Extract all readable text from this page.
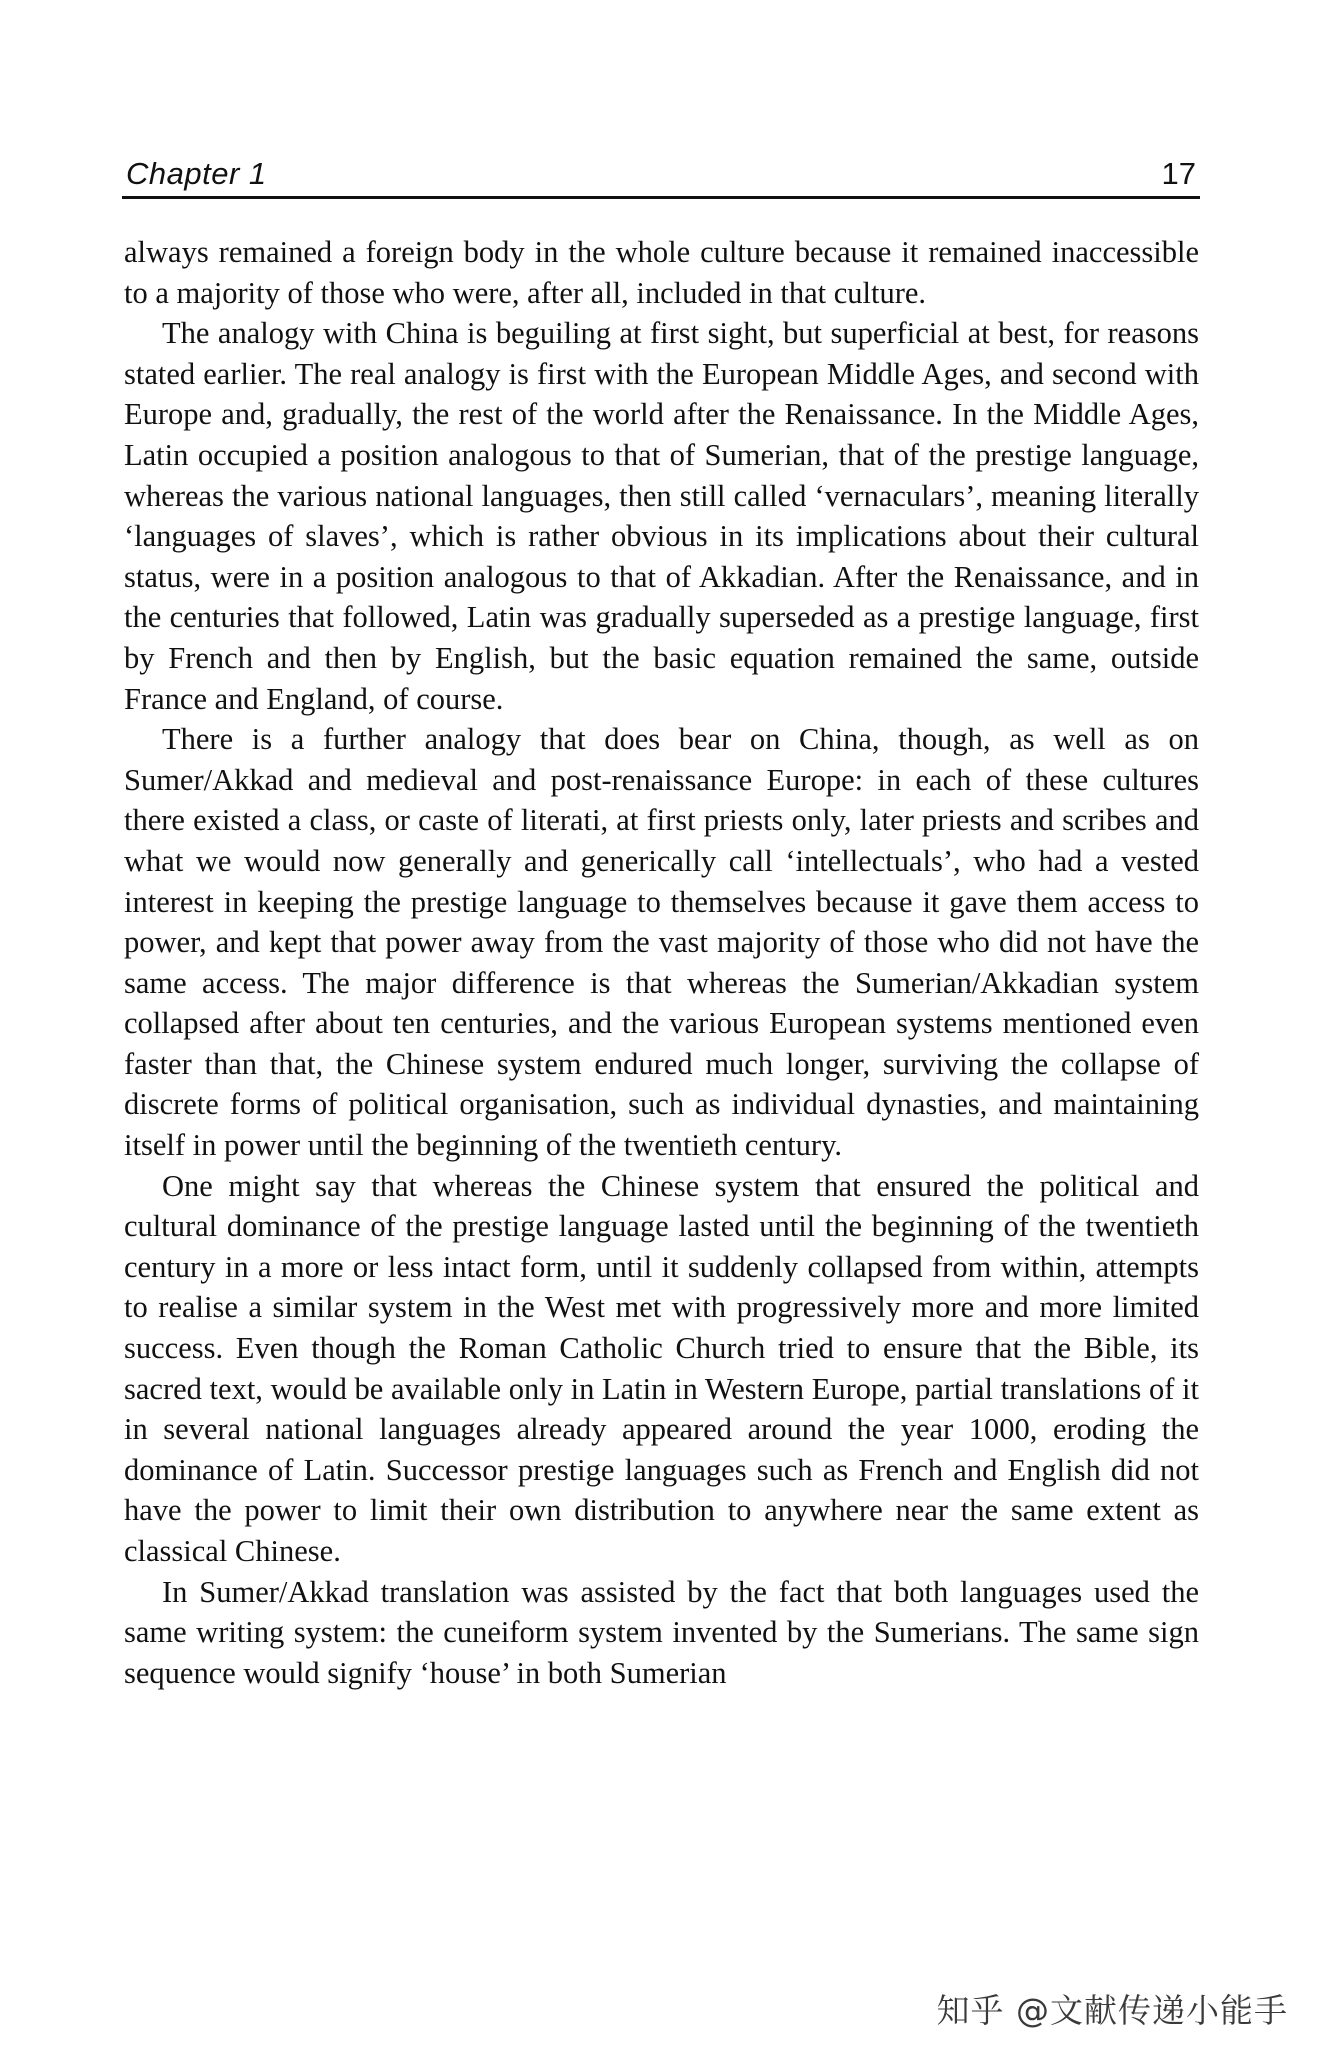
Chapter 1	17

always remained a foreign body in the whole culture because it remained inaccessible to a majority of those who were, after all, included in that culture.

The analogy with China is beguiling at first sight, but superficial at best, for reasons stated earlier. The real analogy is first with the European Middle Ages, and second with Europe and, gradually, the rest of the world after the Renaissance. In the Middle Ages, Latin occupied a position analogous to that of Sumerian, that of the prestige language, whereas the various national languages, then still called ‘vernaculars’, meaning literally ‘languages of slaves’, which is rather obvious in its implications about their cultural status, were in a position analogous to that of Akkadian. After the Renaissance, and in the centuries that followed, Latin was gradually superseded as a prestige language, first by French and then by English, but the basic equation remained the same, outside France and England, of course.

There is a further analogy that does bear on China, though, as well as on Sumer/Akkad and medieval and post-renaissance Europe: in each of these cultures there existed a class, or caste of literati, at first priests only, later priests and scribes and what we would now generally and generically call ‘intellectuals’, who had a vested interest in keeping the prestige language to themselves because it gave them access to power, and kept that power away from the vast majority of those who did not have the same access. The major difference is that whereas the Sumerian/Akkadian system collapsed after about ten centuries, and the various European systems mentioned even faster than that, the Chinese system endured much longer, surviving the collapse of discrete forms of political organisation, such as individual dynasties, and maintaining itself in power until the beginning of the twentieth century.

One might say that whereas the Chinese system that ensured the political and cultural dominance of the prestige language lasted until the beginning of the twentieth century in a more or less intact form, until it suddenly collapsed from within, attempts to realise a similar system in the West met with progressively more and more limited success. Even though the Roman Catholic Church tried to ensure that the Bible, its sacred text, would be available only in Latin in Western Europe, partial translations of it in several national languages already appeared around the year 1000, eroding the dominance of Latin. Successor prestige languages such as French and English did not have the power to limit their own distribution to anywhere near the same extent as classical Chinese.

In Sumer/Akkad translation was assisted by the fact that both languages used the same writing system: the cuneiform system invented by the Sumerians. The same sign sequence would signify ‘house’ in both Sumerian

知乎 @文献传递小能手
